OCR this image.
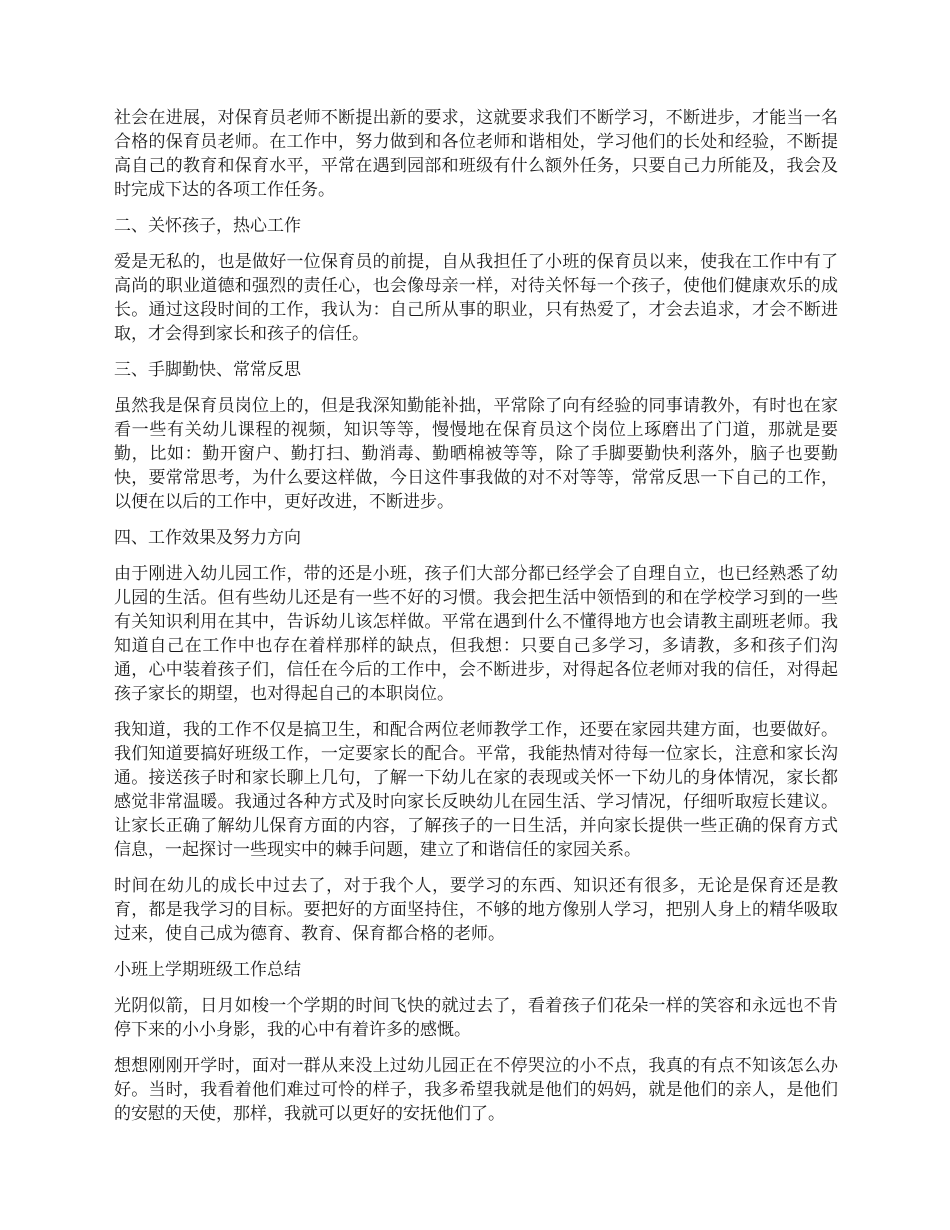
社会在进展，对保育员老师不断提出新的要求，这就要求我们不断学习，不断进步，才能当一名合格的保育员老师。在工作中，努力做到和各位老师和谐相处，学习他们的长处和经验，不断提高自己的教育和保育水平，平常在遇到园部和班级有什么额外任务，只要自己力所能及，我会及时完成下达的各项工作任务。

二、关怀孩子，热心工作

爱是无私的，也是做好一位保育员的前提，自从我担任了小班的保育员以来，使我在工作中有了高尚的职业道德和强烈的责任心，也会像母亲一样，对待关怀每一个孩子，使他们健康欢乐的成长。通过这段时间的工作，我认为：自己所从事的职业，只有热爱了，才会去追求，才会不断进取，才会得到家长和孩子的信任。

三、手脚勤快、常常反思

虽然我是保育员岗位上的，但是我深知勤能补拙，平常除了向有经验的同事请教外，有时也在家看一些有关幼儿课程的视频，知识等等，慢慢地在保育员这个岗位上琢磨出了门道，那就是要勤，比如：勤开窗户、勤打扫、勤消毒、勤晒棉被等等，除了手脚要勤快利落外，脑子也要勤快，要常常思考，为什么要这样做，今日这件事我做的对不对等等，常常反思一下自己的工作，以便在以后的工作中，更好改进，不断进步。

四、工作效果及努力方向

由于刚进入幼儿园工作，带的还是小班，孩子们大部分都已经学会了自理自立，也已经熟悉了幼儿园的生活。但有些幼儿还是有一些不好的习惯。我会把生活中领悟到的和在学校学习到的一些有关知识利用在其中，告诉幼儿该怎样做。平常在遇到什么不懂得地方也会请教主副班老师。我知道自己在工作中也存在着样那样的缺点，但我想：只要自己多学习，多请教，多和孩子们沟通，心中装着孩子们，信任在今后的工作中，会不断进步，对得起各位老师对我的信任，对得起孩子家长的期望，也对得起自己的本职岗位。

我知道，我的工作不仅是搞卫生，和配合两位老师教学工作，还要在家园共建方面，也要做好。我们知道要搞好班级工作，一定要家长的配合。平常，我能热情对待每一位家长，注意和家长沟通。接送孩子时和家长聊上几句，了解一下幼儿在家的表现或关怀一下幼儿的身体情况，家长都感觉非常温暖。我通过各种方式及时向家长反映幼儿在园生活、学习情况，仔细听取痘长建议。让家长正确了解幼儿保育方面的内容，了解孩子的一日生活，并向家长提供一些正确的保育方式信息，一起探讨一些现实中的棘手问题，建立了和谐信任的家园关系。

时间在幼儿的成长中过去了，对于我个人，要学习的东西、知识还有很多，无论是保育还是教育，都是我学习的目标。要把好的方面坚持住，不够的地方像别人学习，把别人身上的精华吸取过来，使自己成为德育、教育、保育都合格的老师。

小班上学期班级工作总结

光阴似箭，日月如梭一个学期的时间飞快的就过去了，看着孩子们花朵一样的笑容和永远也不肯停下来的小小身影，我的心中有着许多的感慨。

想想刚刚开学时，面对一群从来没上过幼儿园正在不停哭泣的小不点，我真的有点不知该怎么办好。当时，我看着他们难过可怜的样子，我多希望我就是他们的妈妈，就是他们的亲人，是他们的安慰的天使，那样，我就可以更好的安抚他们了。
